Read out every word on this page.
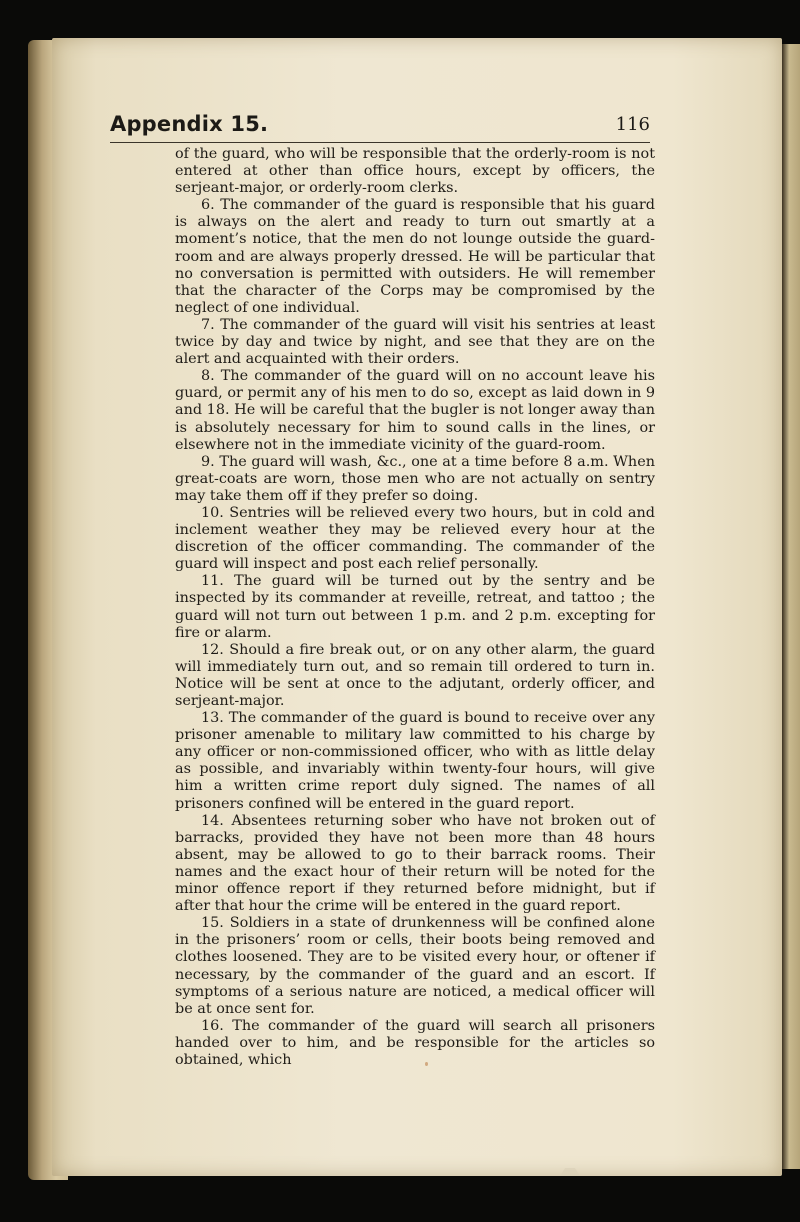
Appendix 15.	116

of the guard, who will be responsible that the orderly-room is not entered at other than office hours, except by officers, the serjeant-major, or orderly-room clerks.

6. The commander of the guard is responsible that his guard is always on the alert and ready to turn out smartly at a moment’s notice, that the men do not lounge outside the guard-room and are always properly dressed. He will be particular that no conversation is permitted with outsiders. He will remember that the character of the Corps may be compromised by the neglect of one individual.

7. The commander of the guard will visit his sentries at least twice by day and twice by night, and see that they are on the alert and acquainted with their orders.

8. The commander of the guard will on no account leave his guard, or permit any of his men to do so, except as laid down in 9 and 18. He will be careful that the bugler is not longer away than is absolutely necessary for him to sound calls in the lines, or elsewhere not in the immediate vicinity of the guard-room.

9. The guard will wash, &c., one at a time before 8 a.m. When great-coats are worn, those men who are not actually on sentry may take them off if they prefer so doing.

10. Sentries will be relieved every two hours, but in cold and inclement weather they may be relieved every hour at the discretion of the officer commanding. The commander of the guard will inspect and post each relief personally.

11. The guard will be turned out by the sentry and be inspected by its commander at reveille, retreat, and tattoo ; the guard will not turn out between 1 p.m. and 2 p.m. excepting for fire or alarm.

12. Should a fire break out, or on any other alarm, the guard will immediately turn out, and so remain till ordered to turn in. Notice will be sent at once to the adjutant, orderly officer, and serjeant-major.

13. The commander of the guard is bound to receive over any prisoner amenable to military law committed to his charge by any officer or non-commissioned officer, who with as little delay as possible, and invariably within twenty-four hours, will give him a written crime report duly signed. The names of all prisoners confined will be entered in the guard report.

14. Absentees returning sober who have not broken out of barracks, provided they have not been more than 48 hours absent, may be allowed to go to their barrack rooms. Their names and the exact hour of their return will be noted for the minor offence report if they returned before midnight, but if after that hour the crime will be entered in the guard report.

15. Soldiers in a state of drunkenness will be confined alone in the prisoners’ room or cells, their boots being removed and clothes loosened. They are to be visited every hour, or oftener if necessary, by the commander of the guard and an escort. If symptoms of a serious nature are noticed, a medical officer will be at once sent for.

16. The commander of the guard will search all prisoners handed over to him, and be responsible for the articles so obtained, which
